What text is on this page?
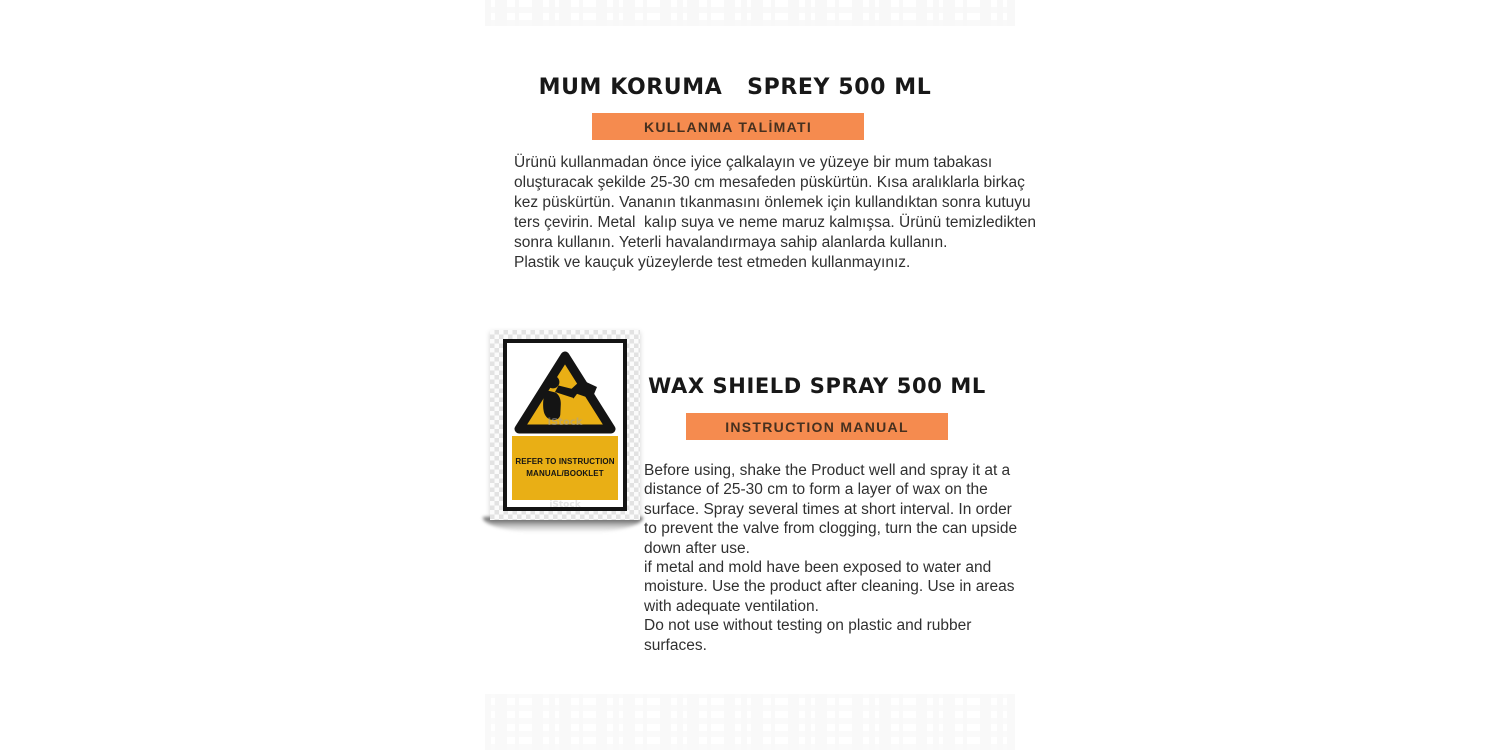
MUM KORUMA   SPREY 500 ML
KULLANMA TALİMATI
Ürünü kullanmadan önce iyice çalkalayın ve yüzeye bir mum tabakası
oluşturacak şekilde 25-30 cm mesafeden püskürtün. Kısa aralıklarla birkaç
kez püskürtün. Vananın tıkanmasını önlemek için kullandıktan sonra kutuyu
ters çevirin. Metal  kalıp suya ve neme maruz kalmışsa. Ürünü temizledikten
sonra kullanın. Yeterli havalandırmaya sahip alanlarda kullanın.
Plastik ve kauçuk yüzeylerde test etmeden kullanmayınız.
REFER TO INSTRUCTION
MANUAL/BOOKLET
iStock
iStock
WAX SHIELD SPRAY 500 ML
INSTRUCTION MANUAL
Before using, shake the Product well and spray it at a
distance of 25-30 cm to form a layer of wax on the
surface. Spray several times at short interval. In order
to prevent the valve from clogging, turn the can upside
down after use.
if metal and mold have been exposed to water and
moisture. Use the product after cleaning. Use in areas
with adequate ventilation.
Do not use without testing on plastic and rubber
surfaces.
